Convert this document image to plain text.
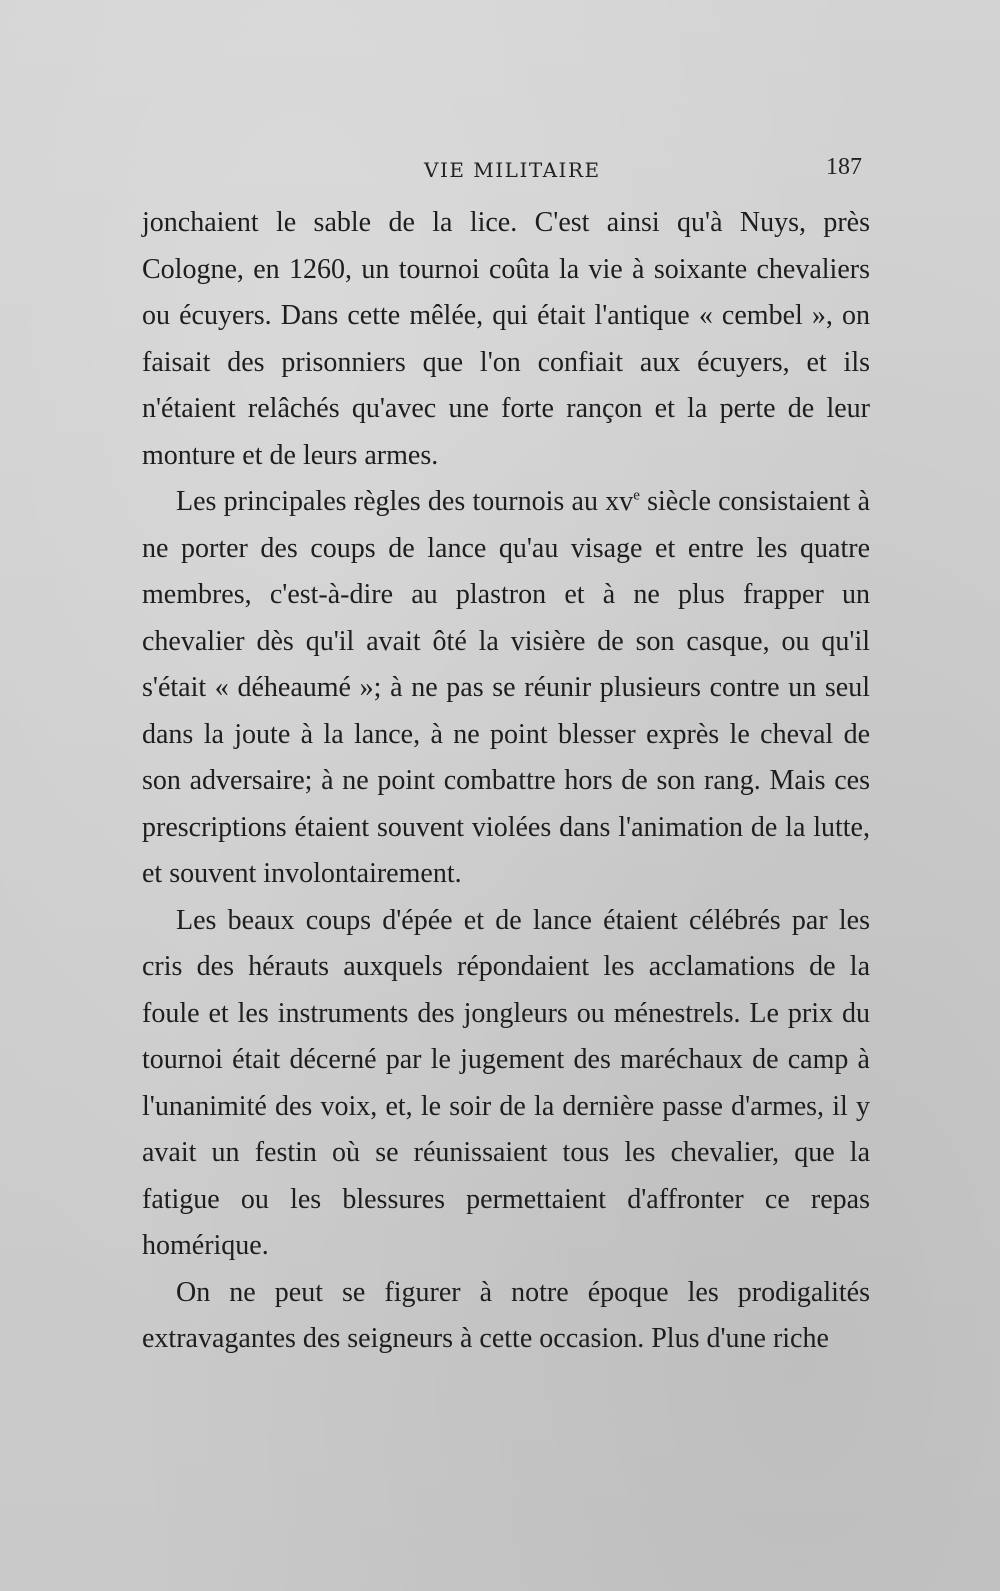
VIE MILITAIRE	187

jonchaient le sable de la lice. C'est ainsi qu'à Nuys, près Cologne, en 1260, un tournoi coûta la vie à soixante chevaliers ou écuyers. Dans cette mêlée, qui était l'antique « cembel », on faisait des prisonniers que l'on confiait aux écuyers, et ils n'étaient relâchés qu'avec une forte rançon et la perte de leur monture et de leurs armes.

Les principales règles des tournois au $xv^e$ siècle consistaient à ne porter des coups de lance qu'au visage et entre les quatre membres, c'est-à-dire au plastron et à ne plus frapper un chevalier dès qu'il avait ôté la visière de son casque, ou qu'il s'était « déheaumé »; à ne pas se réunir plusieurs contre un seul dans la joute à la lance, à ne point blesser exprès le cheval de son adversaire; à ne point combattre hors de son rang. Mais ces prescriptions étaient souvent violées dans l'animation de la lutte, et souvent involontairement.

Les beaux coups d'épée et de lance étaient célébrés par les cris des hérauts auxquels répondaient les acclamations de la foule et les instruments des jongleurs ou ménestrels. Le prix du tournoi était décerné par le jugement des maréchaux de camp à l'unanimité des voix, et, le soir de la dernière passe d'armes, il y avait un festin où se réunissaient tous les chevalier, que la fatigue ou les blessures permettaient d'affronter ce repas homérique.

On ne peut se figurer à notre époque les prodigalités extravagantes des seigneurs à cette occasion. Plus d'une riche
